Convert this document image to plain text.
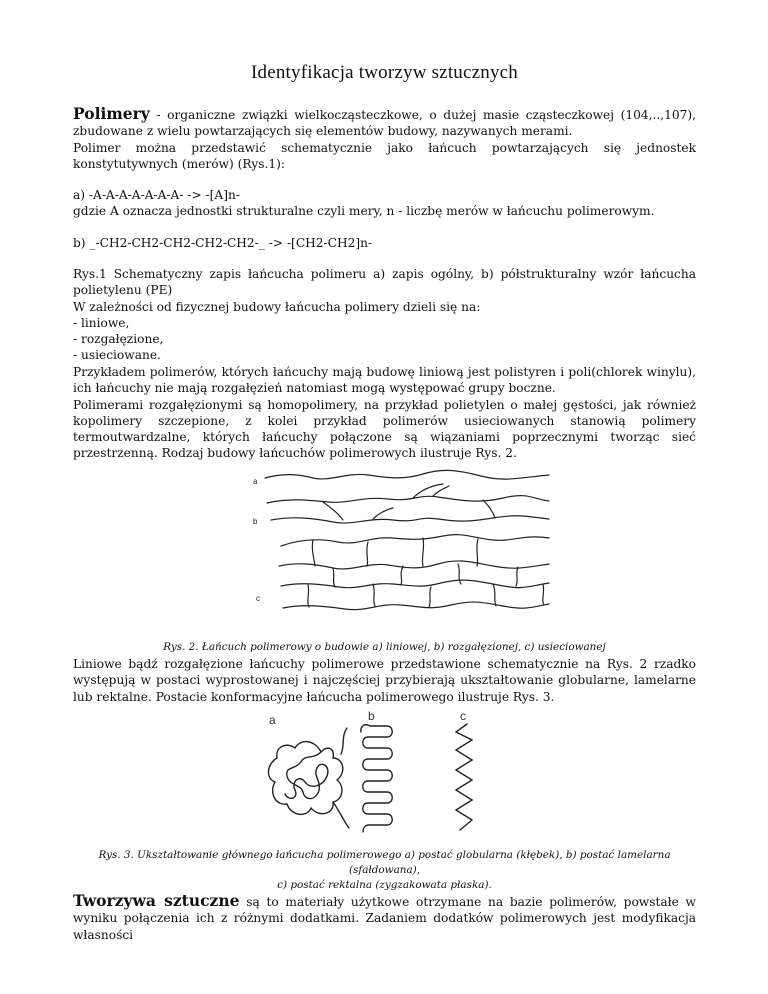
Identyfikacja tworzyw sztucznych

Polimery - organiczne związki wielkocząsteczkowe, o dużej masie cząsteczkowej (104,..,107), zbudowane z wielu powtarzających się elementów budowy, nazywanych merami.

Polimer można przedstawić schematycznie jako łańcuch powtarzających się jednostek konstytutywnych (merów) (Rys.1):

a) -A-A-A-A-A-A-A- -> -[A]n-

gdzie A oznacza jednostki strukturalne czyli mery, n - liczbę merów w łańcuchu polimerowym.

b) _-CH2-CH2-CH2-CH2-CH2-_ -> -[CH2-CH2]n-

Rys.1 Schematyczny zapis łańcucha polimeru a) zapis ogólny, b) półstrukturalny wzór łańcucha polietylenu (PE)

W zależności od fizycznej budowy łańcucha polimery dzieli się na:

- liniowe,

- rozgałęzione,

- usieciowane.

Przykładem polimerów, których łańcuchy mają budowę liniową jest polistyren i poli(chlorek winylu), ich łańcuchy nie mają rozgałęzień natomiast mogą występować grupy boczne.

Polimerami rozgałęzionymi są homopolimery, na przykład polietylen o małej gęstości, jak również kopolimery szczepione, z kolei przykład polimerów usieciowanych stanowią polimery termoutwardzalne, których łańcuchy połączone są wiązaniami poprzecznymi tworząc sieć przestrzenną. Rodzaj budowy łańcuchów polimerowych ilustruje Rys. 2.

a
b
c
Rys. 2. Łańcuch polimerowy o budowie a) liniowej, b) rozgałęzionej, c) usieciowanej

Liniowe bądź rozgałęzione łańcuchy polimerowe przedstawione schematycznie na Rys. 2 rzadko występują w postaci wyprostowanej i najczęściej przybierają ukształtowanie globularne, lamelarne lub rektalne. Postacie konformacyjne łańcucha polimerowego ilustruje Rys. 3.

a	b	c
Rys. 3. Ukształtowanie głównego łańcucha polimerowego a) postać globularna (kłębek), b) postać lamelarna (sfałdowana),
c) postać rektalna (zygzakowata płaska).

Tworzywa sztuczne są to materiały użytkowe otrzymane na bazie polimerów, powstałe w wyniku połączenia ich z różnymi dodatkami. Zadaniem dodatków polimerowych jest modyfikacja własności
